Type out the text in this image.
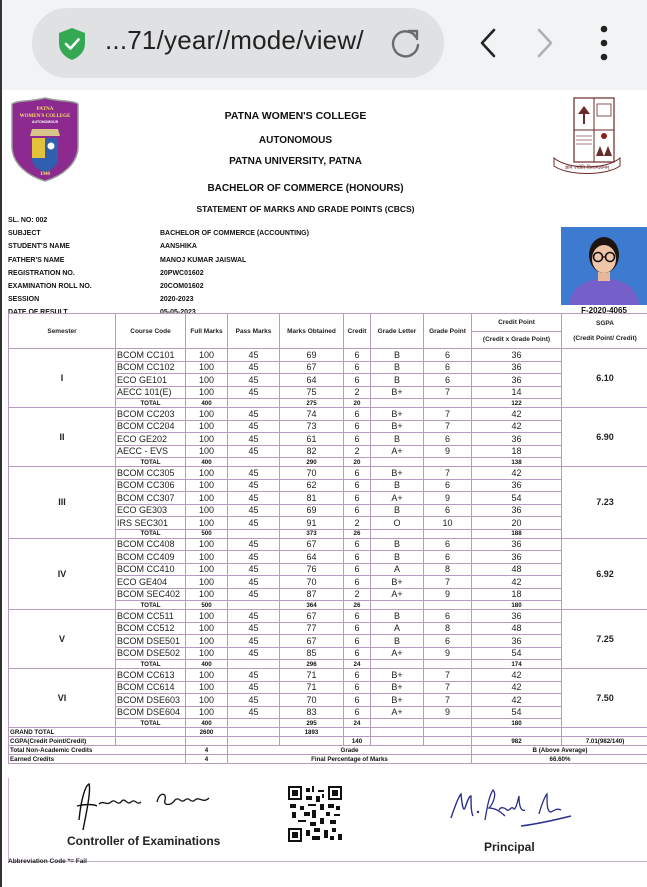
...71/year//mode/view/
PATNA
WOMEN'S COLLEGE
AUTONOMOUS
1940
PATNA WOMEN'S COLLEGE
AUTONOMOUS
PATNA UNIVERSITY, PATNA
BACHELOR OF COMMERCE (HONOURS)
STATEMENT OF MARKS AND GRADE POINTS (CBCS)
ज्ञान ज्योति विश्वमज्ञानम्
SL. NO: 002
SUBJECT	BACHELOR OF COMMERCE (ACCOUNTING)
STUDENT'S NAME	AANSHIKA
FATHER'S NAME	MANOJ KUMAR JAISWAL
REGISTRATION NO.	20PWC01602
EXAMINATION ROLL NO.	20COM01602
SESSION	2020-2023
DATE OF RESULT	05-05-2023	F-2020-4065
Semester	Course Code	Full Marks	Pass Marks	Marks Obtained	Credit	Grade Letter	Grade Point	Credit Point	SGPA
(Credit Point/ Credit)

								(Credit x Grade Point)	
I	BCOM CC101	100	45	69	6	B	6	36	6.10
	BCOM CC102	100	45	67	6	B	6	36	
	ECO GE101	100	45	64	6	B	6	36	
	AECC 101(E)	100	45	75	2	B+	7	14	
	TOTAL	400		275	20			122	
II	BCOM CC203	100	45	74	6	B+	7	42	6.90
	BCOM CC204	100	45	73	6	B+	7	42	
	ECO GE202	100	45	61	6	B	6	36	
	AECC - EVS	100	45	82	2	A+	9	18	
	TOTAL	400		290	20			138	
III	BCOM CC305	100	45	70	6	B+	7	42	7.23
	BCOM CC306	100	45	62	6	B	6	36	
	BCOM CC307	100	45	81	6	A+	9	54	
	ECO GE303	100	45	69	6	B	6	36	
	IRS SEC301	100	45	91	2	O	10	20	
	TOTAL	500		373	26			188	
IV	BCOM CC408	100	45	67	6	B	6	36	6.92
	BCOM CC409	100	45	64	6	B	6	36	
	BCOM CC410	100	45	76	6	A	8	48	
	ECO GE404	100	45	70	6	B+	7	42	
	BCOM SEC402	100	45	87	2	A+	9	18	
	TOTAL	500		364	26			180	
V	BCOM CC511	100	45	67	6	B	6	36	7.25
	BCOM CC512	100	45	77	6	A	8	48	
	BCOM DSE501	100	45	67	6	B	6	36	
	BCOM DSE502	100	45	85	6	A+	9	54	
	TOTAL	400		296	24			174	
VI	BCOM CC613	100	45	71	6	B+	7	42	7.50
	BCOM CC614	100	45	71	6	B+	7	42	
	BCOM DSE603	100	45	70	6	B+	7	42	
	BCOM DSE604	100	45	83	6	A+	9	54	
	TOTAL	400		295	24			180	
GRAND TOTAL		2600		1893					
CGPA(Credit Point/Credit)					140			982	7.01(982/140)
Total Non-Academic Credits		4	Grade					B (Above Average)	
Earned Credits		4	Final Percentage of Marks					66.60%	
Controller of Examinations	Principal
Abbreviation Code *= Fail
